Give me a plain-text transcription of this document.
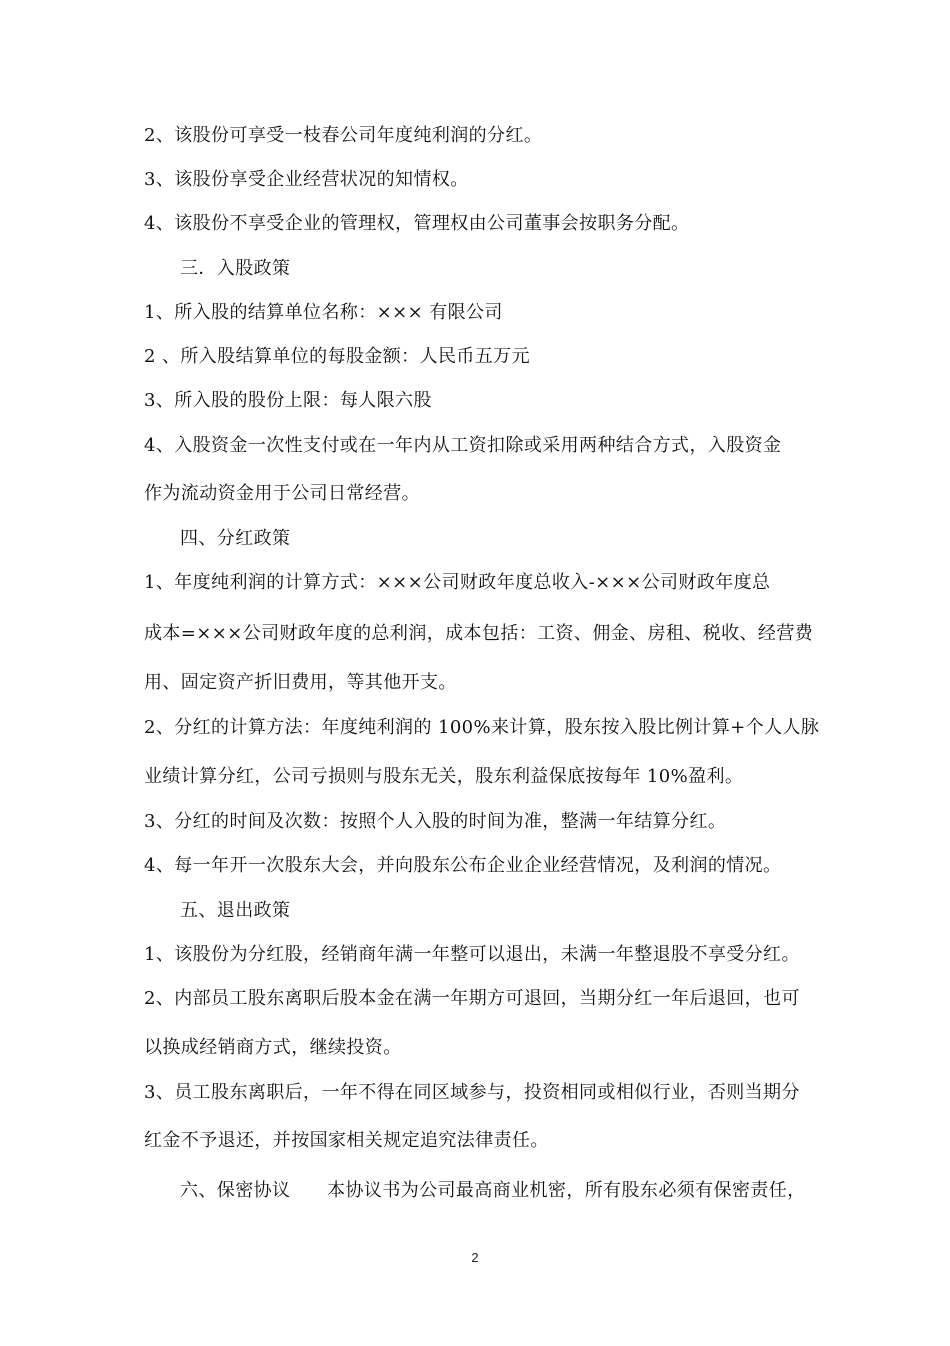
2、该股份可享受一枝春公司年度纯利润的分红。
3、该股份享受企业经营状况的知情权。
4、该股份不享受企业的管理权，管理权由公司董事会按职务分配。
三．入股政策
1、所入股的结算单位名称：××× 有限公司
2 、所入股结算单位的每股金额：人民币五万元
3、所入股的股份上限：每人限六股
4、入股资金一次性支付或在一年内从工资扣除或采用两种结合方式，入股资金
作为流动资金用于公司日常经营。
四、分红政策
1、年度纯利润的计算方式：×××公司财政年度总收入-×××公司财政年度总
成本=×××公司财政年度的总利润，成本包括：工资、佣金、房租、税收、经营费
用、固定资产折旧费用，等其他开支。
2、分红的计算方法：年度纯利润的 100%来计算，股东按入股比例计算+个人人脉
业绩计算分红，公司亏损则与股东无关，股东利益保底按每年 10%盈利。
3、分红的时间及次数：按照个人入股的时间为准，整满一年结算分红。
4、每一年开一次股东大会，并向股东公布企业企业经营情况，及利润的情况。
五、退出政策
1、该股份为分红股，经销商年满一年整可以退出，未满一年整退股不享受分红。
2、内部员工股东离职后股本金在满一年期方可退回，当期分红一年后退回，也可
以换成经销商方式，继续投资。
3、员工股东离职后，一年不得在同区域参与，投资相同或相似行业，否则当期分
红金不予退还，并按国家相关规定追究法律责任。
六、保密协议      本协议书为公司最高商业机密，所有股东必须有保密责任，
2
